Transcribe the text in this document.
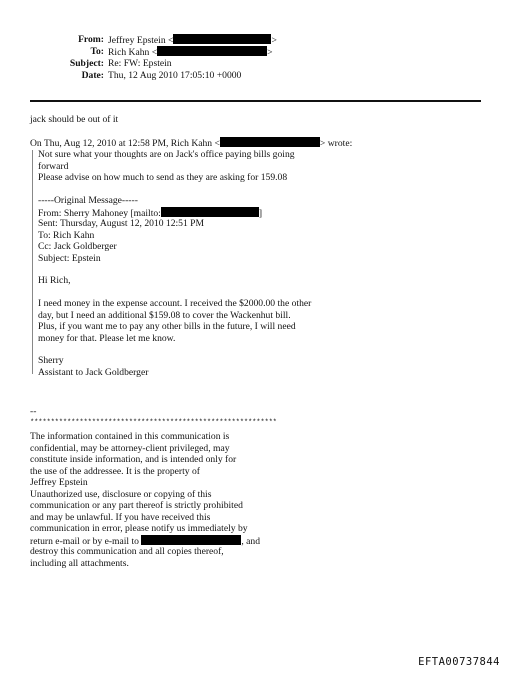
From: Jeffrey Epstein <	>
To: Rich Kahn <	>
Subject: Re: FW: Epstein
Date: Thu, 12 Aug 2010 17:05:10 +0000
jack should be out of it
On Thu, Aug 12, 2010 at 12:58 PM, Rich Kahn <	> wrote:
Not sure what your thoughts are on Jack's office paying bills going
forward
Please advise on how much to send as they are asking for 159.08
-----Original Message-----
From: Sherry Mahoney [mailto:	]
Sent: Thursday, August 12, 2010 12:51 PM
To: Rich Kahn
Cc: Jack Goldberger
Subject: Epstein
Hi Rich,
I need money in the expense account. I received the $2000.00 the other
day, but I need an additional $159.08 to cover the Wackenhut bill.
Plus, if you want me to pay any other bills in the future, I will need
money for that. Please let me know.
Sherry
Assistant to Jack Goldberger
--
************************************************************
The information contained in this communication is
confidential, may be attorney-client privileged, may
constitute inside information, and is intended only for
the use of the addressee. It is the property of
Jeffrey Epstein
Unauthorized use, disclosure or copying of this
communication or any part thereof is strictly prohibited
and may be unlawful. If you have received this
communication in error, please notify us immediately by
return e-mail or by e-mail to	, and
destroy this communication and all copies thereof,
including all attachments.
EFTA00737844
